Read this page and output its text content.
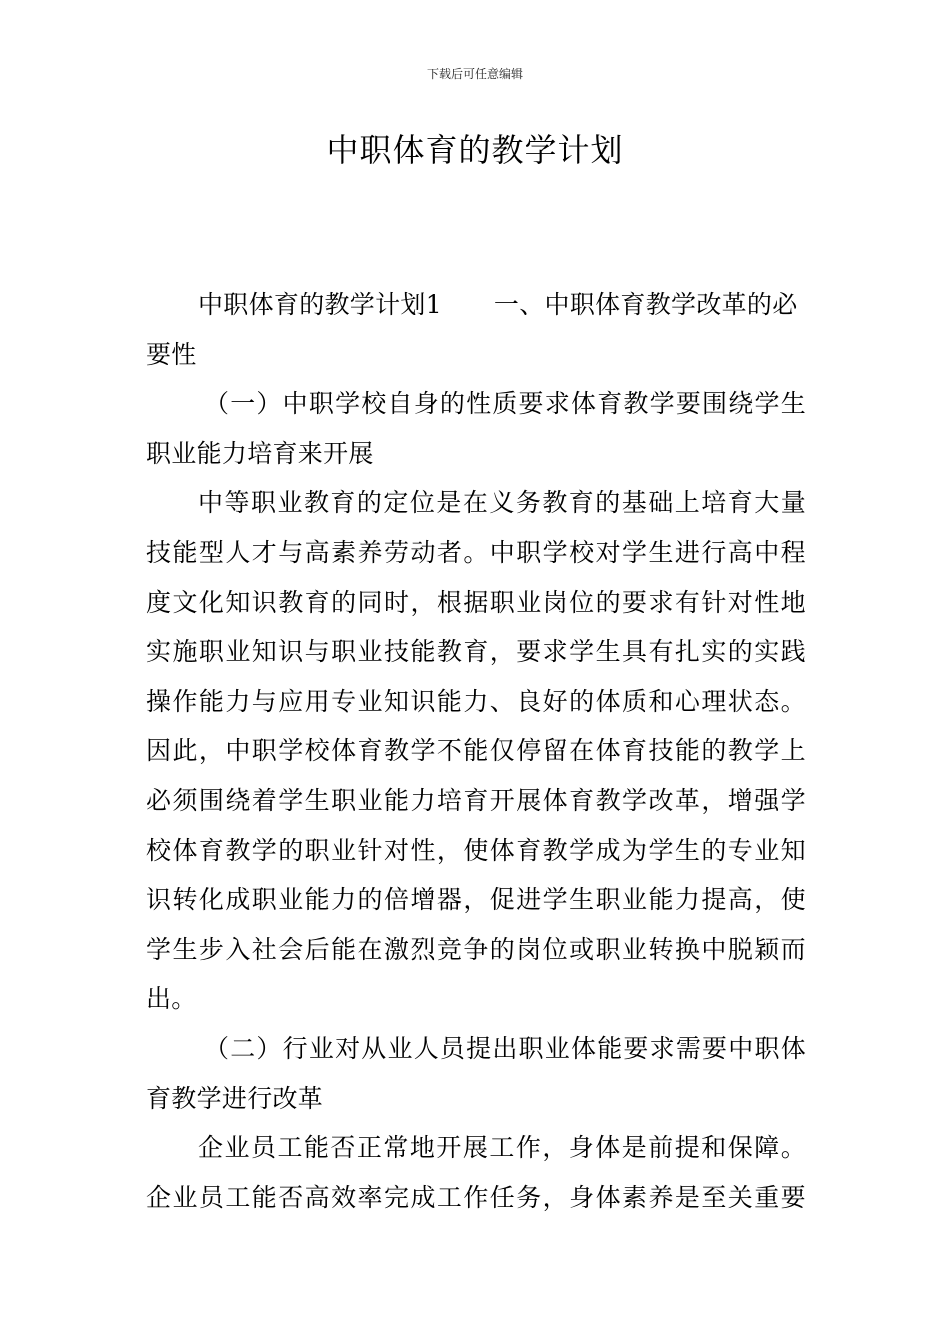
下载后可任意编辑
中职体育的教学计划
中职体育的教学计划1 一、中职体育教学改革的必
要性
（一）中职学校自身的性质要求体育教学要围绕学生
职业能力培育来开展
中等职业教育的定位是在义务教育的基础上培育大量
技能型人才与高素养劳动者。中职学校对学生进行高中程
度文化知识教育的同时，根据职业岗位的要求有针对性地
实施职业知识与职业技能教育，要求学生具有扎实的实践
操作能力与应用专业知识能力、良好的体质和心理状态。
因此，中职学校体育教学不能仅停留在体育技能的教学上
必须围绕着学生职业能力培育开展体育教学改革，增强学
校体育教学的职业针对性，使体育教学成为学生的专业知
识转化成职业能力的倍增器，促进学生职业能力提高，使
学生步入社会后能在激烈竞争的岗位或职业转换中脱颖而
出。
（二）行业对从业人员提出职业体能要求需要中职体
育教学进行改革
企业员工能否正常地开展工作，身体是前提和保障。
企业员工能否高效率完成工作任务，身体素养是至关重要
